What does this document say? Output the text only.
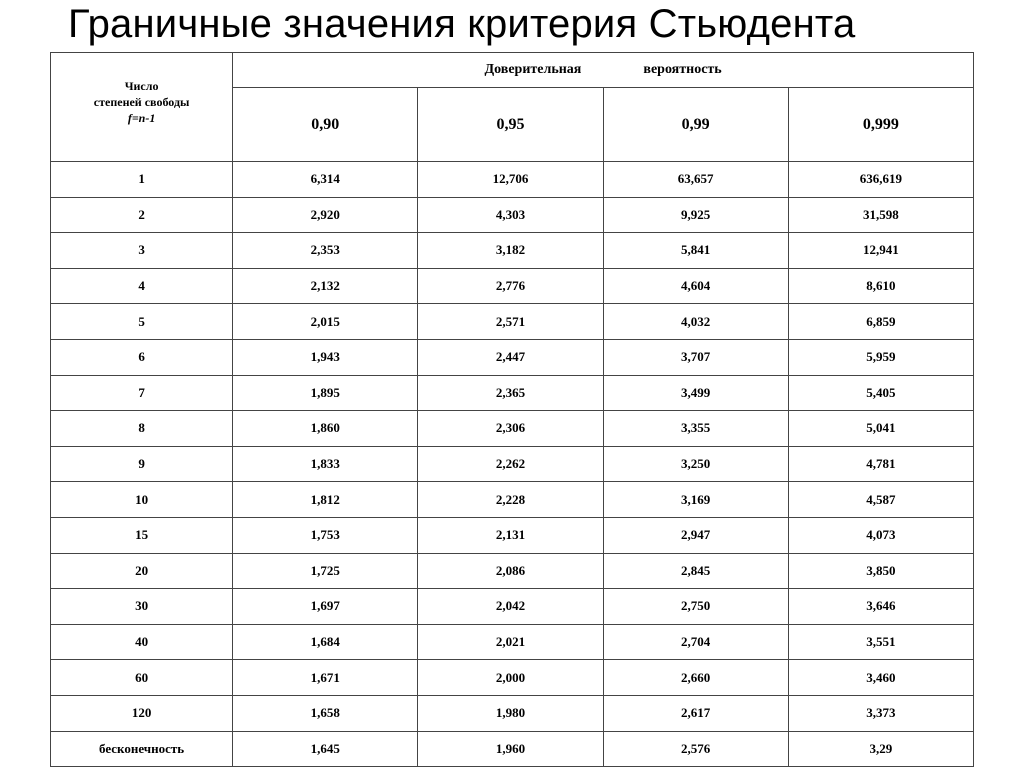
Граничные значения критерия Стьюдента
Число
степеней свободы

f=n-1	Доверительная вероятность			
	0,90	0,95	0,99	0,999
1	6,314	12,706	63,657	636,619
2	2,920	4,303	9,925	31,598
3	2,353	3,182	5,841	12,941
4	2,132	2,776	4,604	8,610
5	2,015	2,571	4,032	6,859
6	1,943	2,447	3,707	5,959
7	1,895	2,365	3,499	5,405
8	1,860	2,306	3,355	5,041
9	1,833	2,262	3,250	4,781
10	1,812	2,228	3,169	4,587
15	1,753	2,131	2,947	4,073
20	1,725	2,086	2,845	3,850
30	1,697	2,042	2,750	3,646
40	1,684	2,021	2,704	3,551
60	1,671	2,000	2,660	3,460
120	1,658	1,980	2,617	3,373
бесконечность	1,645	1,960	2,576	3,29
